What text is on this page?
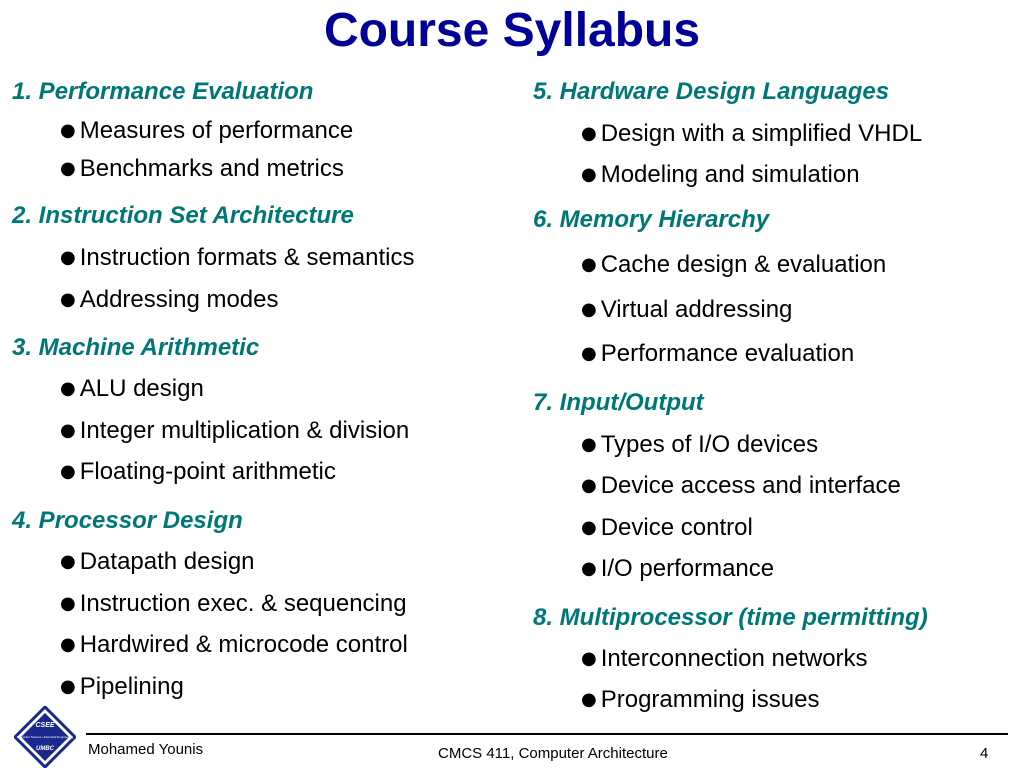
Course Syllabus
1. Performance Evaluation
● Measures of performance
● Benchmarks and metrics
2. Instruction Set Architecture
● Instruction formats & semantics
● Addressing modes
3. Machine Arithmetic
● ALU design
● Integer multiplication & division
● Floating-point arithmetic
4. Processor Design
● Datapath design
● Instruction exec. & sequencing
● Hardwired & microcode control
● Pipelining
5. Hardware Design Languages
● Design with a simplified VHDL
● Modeling and simulation
6. Memory Hierarchy
● Cache design & evaluation
● Virtual addressing
● Performance evaluation
7. Input/Output
● Types of I/O devices
● Device access and interface
● Device control
● I/O performance
8. Multiprocessor (time permitting)
● Interconnection networks
● Programming issues
CSEE
Computer Science • Electrical Engineering
UMBC Mohamed Younis	CMCS 411, Computer Architecture	4
